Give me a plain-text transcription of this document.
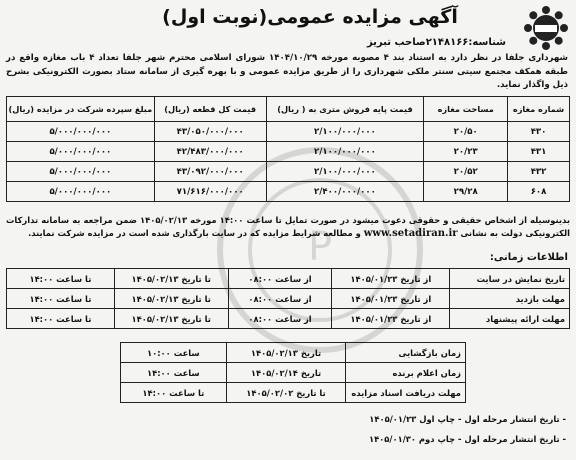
P
آگهی مزایده عمومی(نوبت اول)
شناسه:۲۱۴۸۱۶۶صاحب تبریز
شهرداری جلفا در نظر دارد به استناد بند ۴ مصوبه مورخه ۱۴۰۴/۱۰/۲۹ شورای اسلامی محترم شهر جلفا تعداد ۴ باب مغازه واقع در طبقه همکف مجتمع سیتی سنتر ملکی شهرداری را از طریق مزایده عمومی و با بهره گیری از سامانه ستاد بصورت الکترونیکی بشرح ذیل واگذار نماید.
شماره مغازه	مساحت مغازه	قیمت پایه فروش متری به ( ریال)	قیمت کل قطعه (ریال)	مبلغ سپرده شرکت در مزایده (ریال)
۴۳۰	۲۰/۵۰	۲/۱۰۰/۰۰۰/۰۰۰	۴۳/۰۵۰/۰۰۰/۰۰۰	۵/۰۰۰/۰۰۰/۰۰۰
۴۳۱	۲۰/۲۳	۲/۱۰۰/۰۰۰/۰۰۰	۴۲/۴۸۳/۰۰۰/۰۰۰	۵/۰۰۰/۰۰۰/۰۰۰
۴۳۲	۲۰/۵۲	۲/۱۰۰/۰۰۰/۰۰۰	۴۳/۰۹۲/۰۰۰/۰۰۰	۵/۰۰۰/۰۰۰/۰۰۰
۶۰۸	۲۹/۲۸	۲/۴۰۰/۰۰۰/۰۰۰	۷۱/۶۱۶/۰۰۰/۰۰۰	۵/۰۰۰/۰۰۰/۰۰۰
بدینوسیله از اشخاص حقیقی و حقوقی دعوت میشود در صورت تمایل تا ساعت ۱۴:۰۰ مورخه ۱۴۰۵/۰۲/۱۳ ضمن مراجعه به سامانه تدارکات الکترونیکی دولت به نشانی www.setadiran.ir و مطالعه شرایط مزایده که در سایت بارگذاری شده است در مزایده شرکت نمایند.
اطلاعات زمانی:
تاریخ نمایش در سایت	از تاریخ ۱۴۰۵/۰۱/۲۳	از ساعت ۰۸:۰۰	تا تاریخ ۱۴۰۵/۰۲/۱۳	تا ساعت ۱۴:۰۰
مهلت بازدید	از تاریخ ۱۴۰۵/۰۱/۲۳	از ساعت ۰۸:۰۰	تا تاریخ ۱۴۰۵/۰۲/۱۳	تا ساعت ۱۴:۰۰
مهلت ارائه پیشنهاد	از تاریخ ۱۴۰۵/۰۱/۲۳	از ساعت ۰۸:۰۰	تا تاریخ ۱۴۰۵/۰۲/۱۳	تا ساعت ۱۴:۰۰
زمان بازگشایی	تاریخ ۱۴۰۵/۰۲/۱۳	ساعت ۱۰:۰۰
زمان اعلام برنده	تاریخ ۱۴۰۵/۰۲/۱۴	ساعت ۱۴:۰۰
مهلت دریافت اسناد مزایده	تا تاریخ ۱۴۰۵/۰۲/۰۲	تا ساعت ۱۴:۰۰
- تاریخ انتشار مرحله اول - چاپ اول ۱۴۰۵/۰۱/۲۳
- تاریخ انتشار مرحله اول - چاپ دوم ۱۴۰۵/۰۱/۳۰
